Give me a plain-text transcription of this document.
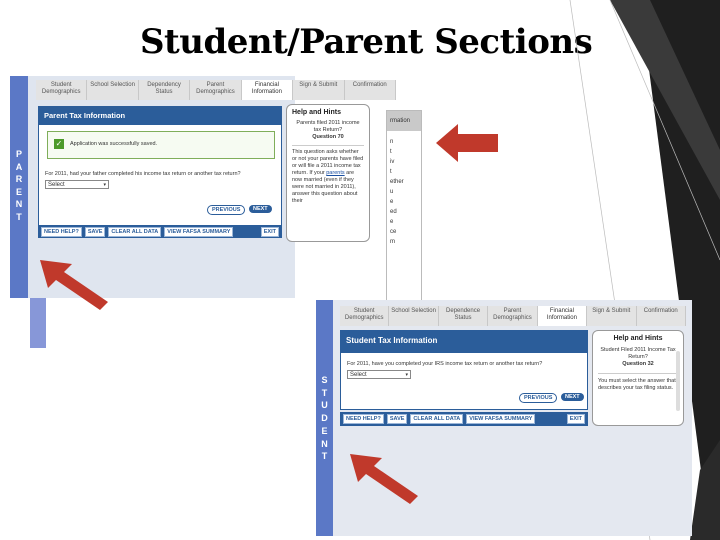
Student/Parent Sections
P
A
R
E
N
T
Student Demographics
School Selection	Dependency Status
Parent Demographics
Financial Information
Sign & Submit	Confirmation
Parent Tax Information
✓	Application was successfully saved.
For 2011, had your father completed his income tax return or another tax return?
Select	▾
PREVIOUS	NEXT
NEED HELP?	SAVE	CLEAR ALL DATA	VIEW FAFSA SUMMARY	EXIT
Help and Hints
Parents filed 2011 income tax Return?
Question 70
This question asks whether or not your parents have filed or will file a 2011 income tax return. If your parents are now married (even if they were not married in 2011), answer this question about their
rmation
n
t
iv
t
ether
u
e
ed
e
ce
m
S
T
U
D
E
N
T
Student Demographics
School Selection	Dependence Status
Parent Demographics
Financial Information
Sign & Submit	Confirmation
Student Tax Information
For 2011, have you completed your IRS income tax return or another tax return?
Select	▾
PREVIOUS	NEXT
NEED HELP?	SAVE	CLEAR ALL DATA	VIEW FAFSA SUMMARY	EXIT
Help and Hints
Student Filed 2011 Income Tax Return?
Question 32
You must select the answer that describes your tax filing status.
